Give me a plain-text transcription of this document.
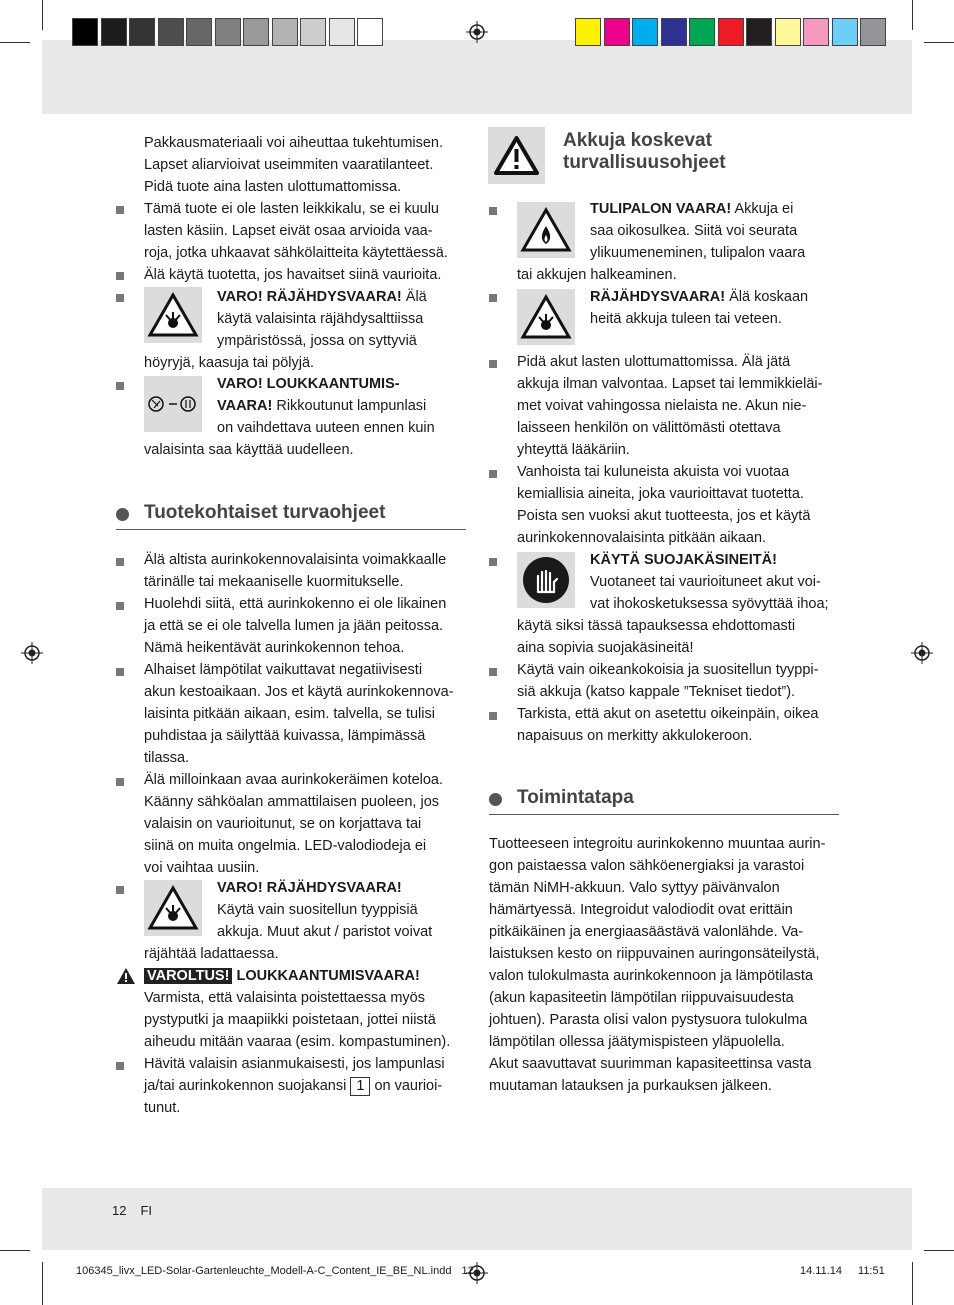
Pakkausmateriaali voi aiheuttaa tukehtumisen.
Lapset aliarvioivat useimmiten vaaratilanteet.
Pidä tuote aina lasten ulottumattomissa.
Tämä tuote ei ole lasten leikkikalu, se ei kuulu
lasten käsiin. Lapset eivät osaa arvioida vaa-
roja, jotka uhkaavat sähkölaitteita käytettäessä.
Älä käytä tuotetta, jos havaitset siinä vaurioita.
VARO! RÄJÄHDYSVAARA! Älä
käytä valaisinta räjähdysalttiissa
ympäristössä, jossa on syttyviä
höyryjä, kaasuja tai pölyjä.
VARO! LOUKKAANTUMIS-
VAARA! Rikkoutunut lampunlasi
on vaihdettava uuteen ennen kuin
valaisinta saa käyttää uudelleen.
Tuotekohtaiset turvaohjeet
Älä altista aurinkokennovalaisinta voimakkaalle
tärinälle tai mekaaniselle kuormitukselle.
Huolehdi siitä, että aurinkokenno ei ole likainen
ja että se ei ole talvella lumen ja jään peitossa.
Nämä heikentävät aurinkokennon tehoa.
Alhaiset lämpötilat vaikuttavat negatiivisesti
akun kestoaikaan. Jos et käytä aurinkokennova-
laisinta pitkään aikaan, esim. talvella, se tulisi
puhdistaa ja säilyttää kuivassa, lämpimässä
tilassa.
Älä milloinkaan avaa aurinkokeräimen koteloa.
Käänny sähköalan ammattilaisen puoleen, jos
valaisin on vaurioitunut, se on korjattava tai
siinä on muita ongelmia. LED-valodiodeja ei
voi vaihtaa uusiin.
VARO! RÄJÄHDYSVAARA!
Käytä vain suositellun tyyppisiä
akkuja. Muut akut / paristot voivat
räjähtää ladattaessa.
VAROLTUS! LOUKKAANTUMISVAARA!
Varmista, että valaisinta poistettaessa myös
pystyputki ja maapiikki poistetaan, jottei niistä
aiheudu mitään vaaraa (esim. kompastuminen).
Hävitä valaisin asianmukaisesti, jos lampunlasi
ja/tai aurinkokennon suojakansi 1 on vaurioi-
tunut.
Akkuja koskevat
turvallisuusohjeet
TULIPALON VAARA! Akkuja ei
saa oikosulkea. Siitä voi seurata
ylikuumeneminen, tulipalon vaara
tai akkujen halkeaminen.
RÄJÄHDYSVAARA! Älä koskaan
heitä akkuja tuleen tai veteen.
Pidä akut lasten ulottumattomissa. Älä jätä
akkuja ilman valvontaa. Lapset tai lemmikkieläi-
met voivat vahingossa nielaista ne. Akun nie-
laisseen henkilön on välittömästi otettava
yhteyttä lääkäriin.
Vanhoista tai kuluneista akuista voi vuotaa
kemiallisia aineita, joka vaurioittavat tuotetta.
Poista sen vuoksi akut tuotteesta, jos et käytä
aurinkokennovalaisinta pitkään aikaan.
KÄYTÄ SUOJAKÄSINEITÄ!
Vuotaneet tai vaurioituneet akut voi-
vat ihokosketuksessa syövyttää ihoa;
käytä siksi tässä tapauksessa ehdottomasti
aina sopivia suojakäsineitä!
Käytä vain oikeankokoisia ja suositellun tyyppi-
siä akkuja (katso kappale ”Tekniset tiedot”).
Tarkista, että akut on asetettu oikeinpäin, oikea
napaisuus on merkitty akkulokeroon.
Toimintatapa
Tuotteeseen integroitu aurinkokenno muuntaa aurin-
gon paistaessa valon sähköenergiaksi ja varastoi
tämän NiMH-akkuun. Valo syttyy päivänvalon
hämärtyessä. Integroidut valodiodit ovat erittäin
pitkäikäinen ja energiaasäästävä valonlähde. Va-
laistuksen kesto on riippuvainen auringonsäteilystä,
valon tulokulmasta aurinkokennoon ja lämpötilasta
(akun kapasiteetin lämpötilan riippuvaisuudesta
johtuen). Parasta olisi valon pystysuora tulokulma
lämpötilan ollessa jäätymispisteen yläpuolella.
Akut saavuttavat suurimman kapasiteettinsa vasta
muutaman latauksen ja purkauksen jälkeen.
12 FI
106345_livx_LED-Solar-Gartenleuchte_Modell-A-C_Content_IE_BE_NL.indd 12	14.11.14 11:51
